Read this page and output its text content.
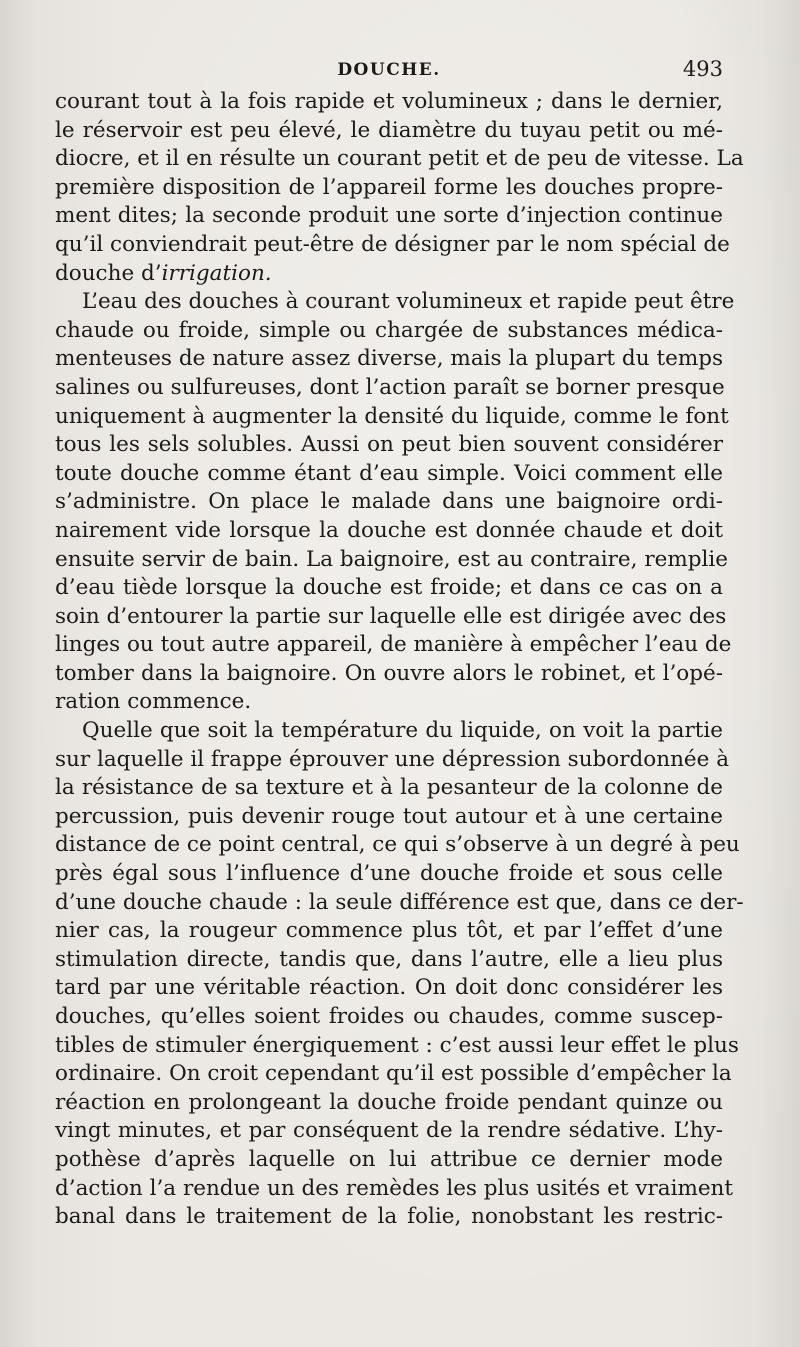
DOUCHE.	493
courant tout à la fois rapide et volumineux ; dans le dernier,
le réservoir est peu élevé, le diamètre du tuyau petit ou mé-
diocre, et il en résulte un courant petit et de peu de vitesse. La
première disposition de l’appareil forme les douches propre-
ment dites; la seconde produit une sorte d’injection continue
qu’il conviendrait peut-être de désigner par le nom spécial de
douche d’irrigation.
L’eau des douches à courant volumineux et rapide peut être
chaude ou froide, simple ou chargée de substances médica-
menteuses de nature assez diverse, mais la plupart du temps
salines ou sulfureuses, dont l’action paraît se borner presque
uniquement à augmenter la densité du liquide, comme le font
tous les sels solubles. Aussi on peut bien souvent considérer
toute douche comme étant d’eau simple. Voici comment elle
s’administre. On place le malade dans une baignoire ordi-
nairement vide lorsque la douche est donnée chaude et doit
ensuite servir de bain. La baignoire, est au contraire, remplie
d’eau tiède lorsque la douche est froide; et dans ce cas on a
soin d’entourer la partie sur laquelle elle est dirigée avec des
linges ou tout autre appareil, de manière à empêcher l’eau de
tomber dans la baignoire. On ouvre alors le robinet, et l’opé-
ration commence.
Quelle que soit la température du liquide, on voit la partie
sur laquelle il frappe éprouver une dépression subordonnée à
la résistance de sa texture et à la pesanteur de la colonne de
percussion, puis devenir rouge tout autour et à une certaine
distance de ce point central, ce qui s’observe à un degré à peu
près égal sous l’influence d’une douche froide et sous celle
d’une douche chaude : la seule différence est que, dans ce der-
nier cas, la rougeur commence plus tôt, et par l’effet d’une
stimulation directe, tandis que, dans l’autre, elle a lieu plus
tard par une véritable réaction. On doit donc considérer les
douches, qu’elles soient froides ou chaudes, comme suscep-
tibles de stimuler énergiquement : c’est aussi leur effet le plus
ordinaire. On croit cependant qu’il est possible d’empêcher la
réaction en prolongeant la douche froide pendant quinze ou
vingt minutes, et par conséquent de la rendre sédative. L’hy-
pothèse d’après laquelle on lui attribue ce dernier mode
d’action l’a rendue un des remèdes les plus usités et vraiment
banal dans le traitement de la folie, nonobstant les restric-
